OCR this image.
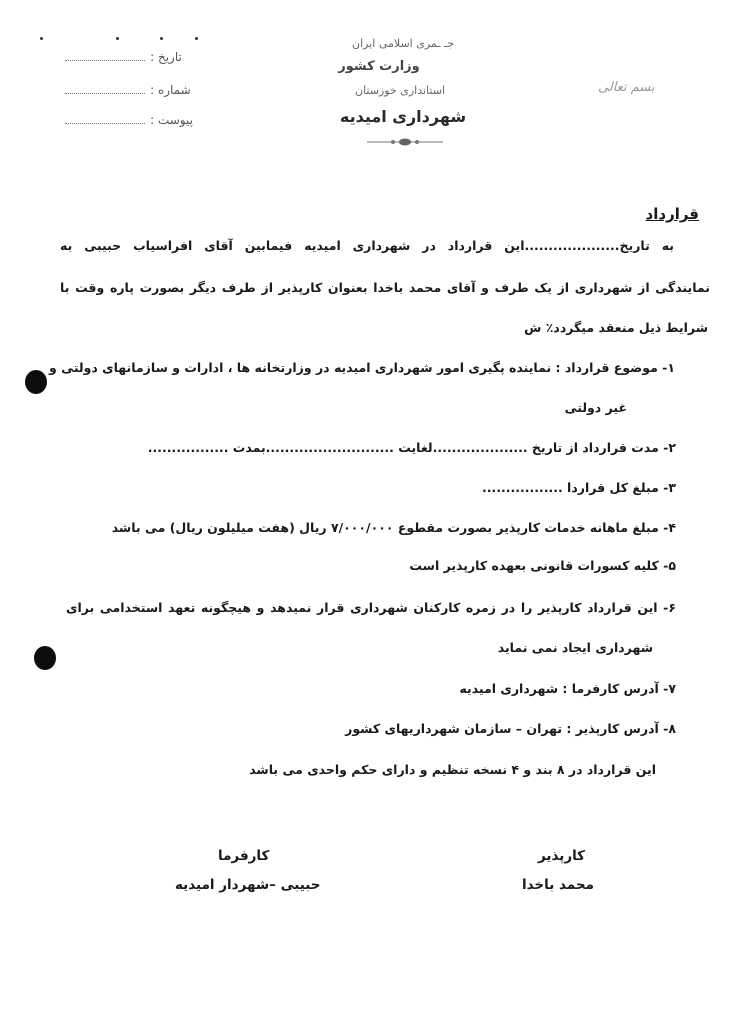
تاریخ :
شماره :
پیوست :
جـ ـمری اسلامی ایران
وزارت کشور
استانداری خوزستان
شهرداری امیدیه
بسم تعالی
قرارداد
به تاریخ....................این قرارداد در شهرداری امیدیه فیمابین آقای افراسیاب حبیبی به
نمایندگی از شهرداری از یک طرف و آقای محمد باخدا بعنوان کارپذیر از طرف دیگر بصورت پاره وقت با
شرایط ذیل منعقد میگردد٪ ش
۱- موضوع قرارداد : نماینده پگیری امور شهرداری امیدیه در وزارتخانه ها ، ادارات و سازمانهای دولتی و
غیر دولتی
۲- مدت قرارداد از تاریخ ....................لغایت ...........................بمدت .................
۳- مبلغ کل قراردا .................
۴- مبلغ ماهانه خدمات کارپذیر بصورت مقطوع ۷/۰۰۰/۰۰۰ ریال (هفت میلیلون ریال) می باشد
۵- کلیه کسورات قانونی بعهده کارپذیر است
۶- این قرارداد کارپذیر را در زمره کارکنان شهرداری قرار نمیدهد و هیچگونه تعهد استخدامی برای
شهرداری ایجاد نمی نماید
۷- آدرس کارفرما : شهرداری امیدیه
۸- آدرس کارپذیر : تهران – سازمان شهرداریهای کشور
این قرارداد در ۸ بند و ۴ نسخه تنظیم و دارای حکم واحدی می باشد
کارفرما
حبیبی –شهردار امیدیه
کارپذیر
محمد باخدا
